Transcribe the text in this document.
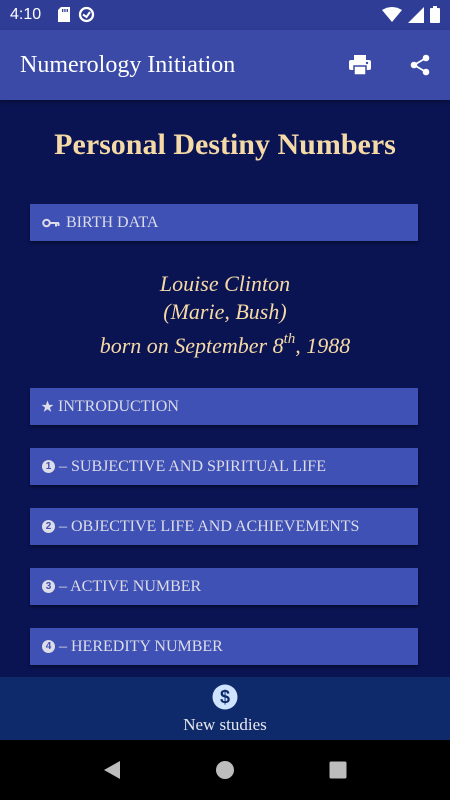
4:10
Numerology Initiation
Personal Destiny Numbers
BIRTH DATA
Louise Clinton
(Marie, Bush)
born on September 8th, 1988
INTRODUCTION
1 – SUBJECTIVE AND SPIRITUAL LIFE
2 – OBJECTIVE LIFE AND ACHIEVEMENTS
3 – ACTIVE NUMBER
4 – HEREDITY NUMBER
$
New studies
